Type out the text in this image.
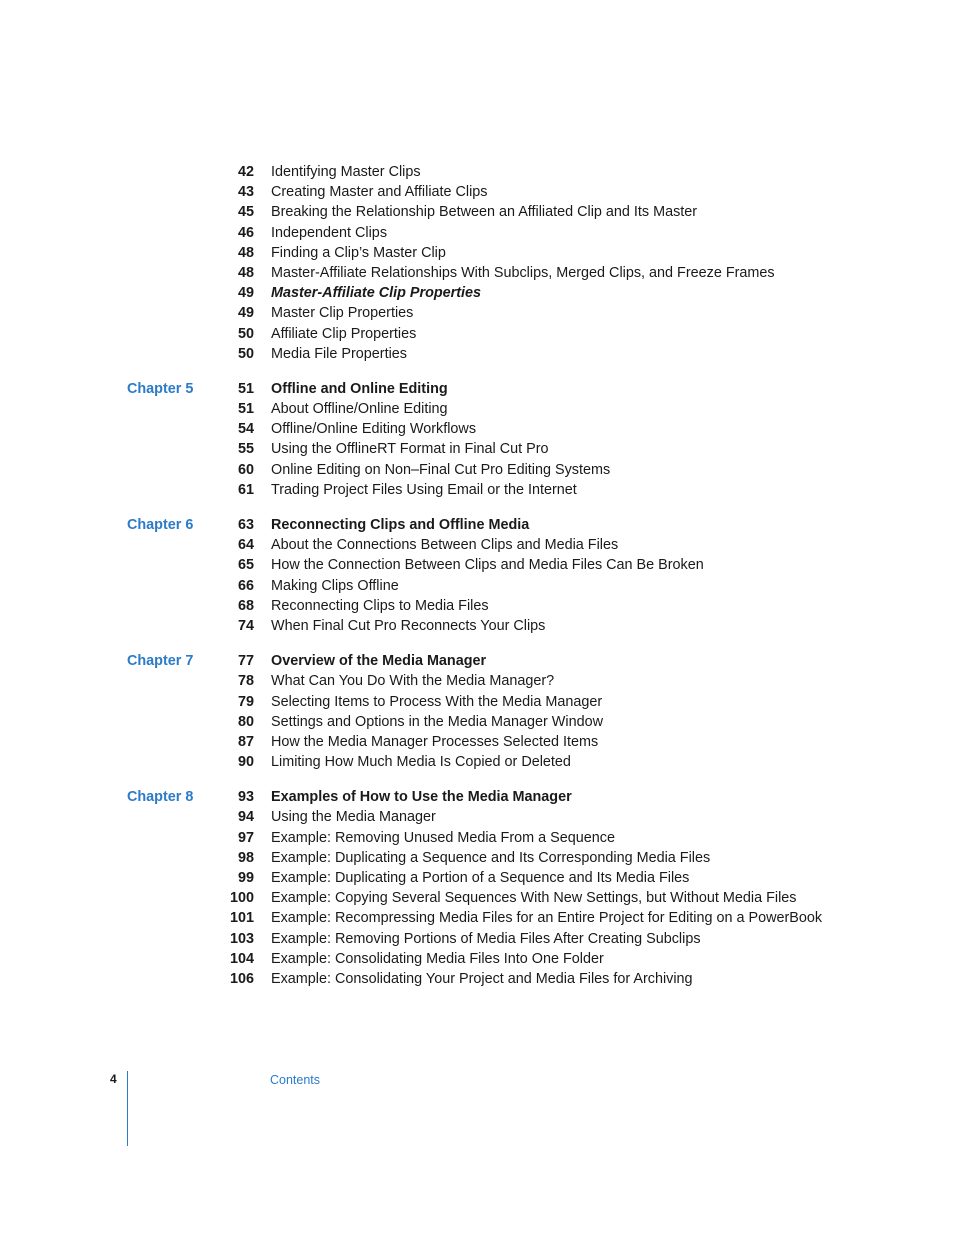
42 Identifying Master Clips
43 Creating Master and Affiliate Clips
45 Breaking the Relationship Between an Affiliated Clip and Its Master
46 Independent Clips
48 Finding a Clip’s Master Clip
48 Master-Affiliate Relationships With Subclips, Merged Clips, and Freeze Frames
49 Master-Affiliate Clip Properties
49 Master Clip Properties
50 Affiliate Clip Properties
50 Media File Properties
Chapter 5	51 Offline and Online Editing
51 About Offline/Online Editing
54 Offline/Online Editing Workflows
55 Using the OfflineRT Format in Final Cut Pro
60 Online Editing on Non–Final Cut Pro Editing Systems
61 Trading Project Files Using Email or the Internet
Chapter 6	63 Reconnecting Clips and Offline Media
64 About the Connections Between Clips and Media Files
65 How the Connection Between Clips and Media Files Can Be Broken
66 Making Clips Offline
68 Reconnecting Clips to Media Files
74 When Final Cut Pro Reconnects Your Clips
Chapter 7	77 Overview of the Media Manager
78 What Can You Do With the Media Manager?
79 Selecting Items to Process With the Media Manager
80 Settings and Options in the Media Manager Window
87 How the Media Manager Processes Selected Items
90 Limiting How Much Media Is Copied or Deleted
Chapter 8	93 Examples of How to Use the Media Manager
94 Using the Media Manager
97 Example: Removing Unused Media From a Sequence
98 Example: Duplicating a Sequence and Its Corresponding Media Files
99 Example: Duplicating a Portion of a Sequence and Its Media Files
100 Example: Copying Several Sequences With New Settings, but Without Media Files
101 Example: Recompressing Media Files for an Entire Project for Editing on a PowerBook
103 Example: Removing Portions of Media Files After Creating Subclips
104 Example: Consolidating Media Files Into One Folder
106 Example: Consolidating Your Project and Media Files for Archiving
4	Contents
